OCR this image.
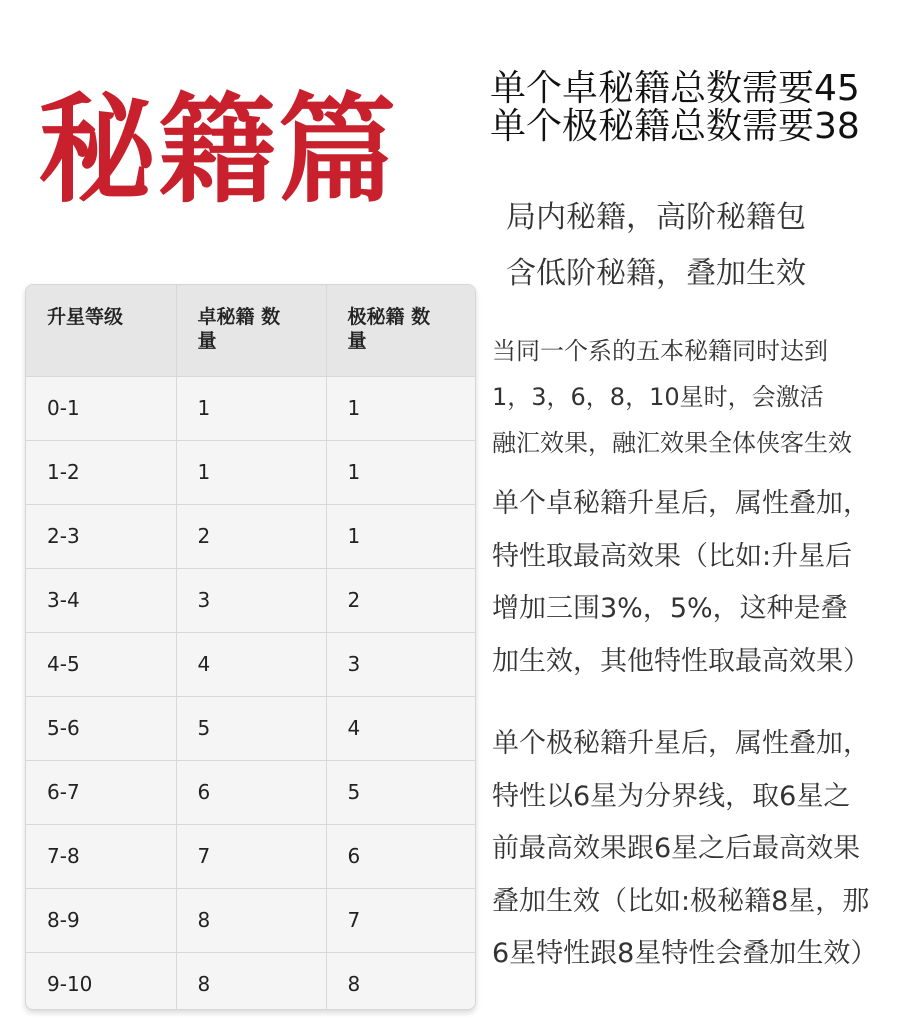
秘籍篇	单个卓秘籍总数需要45
单个极秘籍总数需要38
升星等级	卓秘籍 数量	极秘籍 数量

0-1	1	1
1-2	1	1
2-3	2	1
3-4	3	2
4-5	4	3
5-6	5	4
6-7	6	5
7-8	7	6
8-9	8	7
9-10	8	8
局内秘籍，高阶秘籍包
含低阶秘籍，叠加生效
当同一个系的五本秘籍同时达到
1，3，6，8，10星时，会激活
融汇效果，融汇效果全体侠客生效
单个卓秘籍升星后，属性叠加，
特性取最高效果（比如:升星后
增加三围3%，5%，这种是叠
加生效，其他特性取最高效果）
单个极秘籍升星后，属性叠加，
特性以6星为分界线，取6星之
前最高效果跟6星之后最高效果
叠加生效（比如:极秘籍8星，那
6星特性跟8星特性会叠加生效）
